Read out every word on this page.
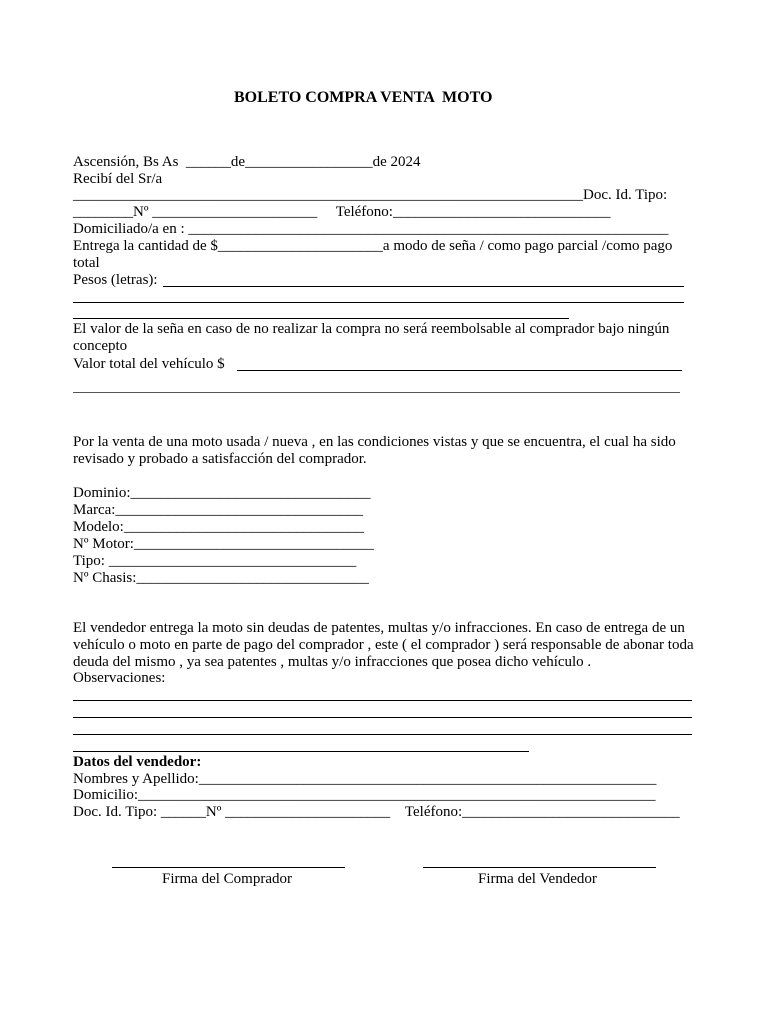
BOLETO COMPRA VENTA  MOTO
Ascensión, Bs As  ______de_________________de 2024
Recibí del Sr/a
____________________________________________________________________Doc. Id. Tipo:
________Nº ______________________     Teléfono:_____________________________
Domiciliado/a en : ________________________________________________________________
Entrega la cantidad de $______________________a modo de seña / como pago parcial /como pago
total
Pesos (letras):
El valor de la seña en caso de no realizar la compra no será reembolsable al comprador bajo ningún concepto
Valor total del vehículo $
Por la venta de una moto usada / nueva , en las condiciones vistas y que se encuentra, el cual ha sido revisado y probado a satisfacción del comprador.
Dominio:________________________________
Marca:_________________________________
Modelo:________________________________
Nº Motor:________________________________
Tipo: _________________________________
Nº Chasis:_______________________________
El vendedor entrega la moto sin deudas de patentes, multas y/o infracciones. En caso de entrega de un vehículo o moto en parte de pago del comprador , este ( el comprador ) será responsable de abonar toda deuda del mismo , ya sea patentes , multas y/o infracciones que posea dicho vehículo .
Observaciones:
Datos del vendedor:
Nombres y Apellido:_____________________________________________________________
Domicilio:_____________________________________________________________________
Doc. Id. Tipo: ______Nº ______________________    Teléfono:_____________________________
Firma del Comprador	Firma del Vendedor
